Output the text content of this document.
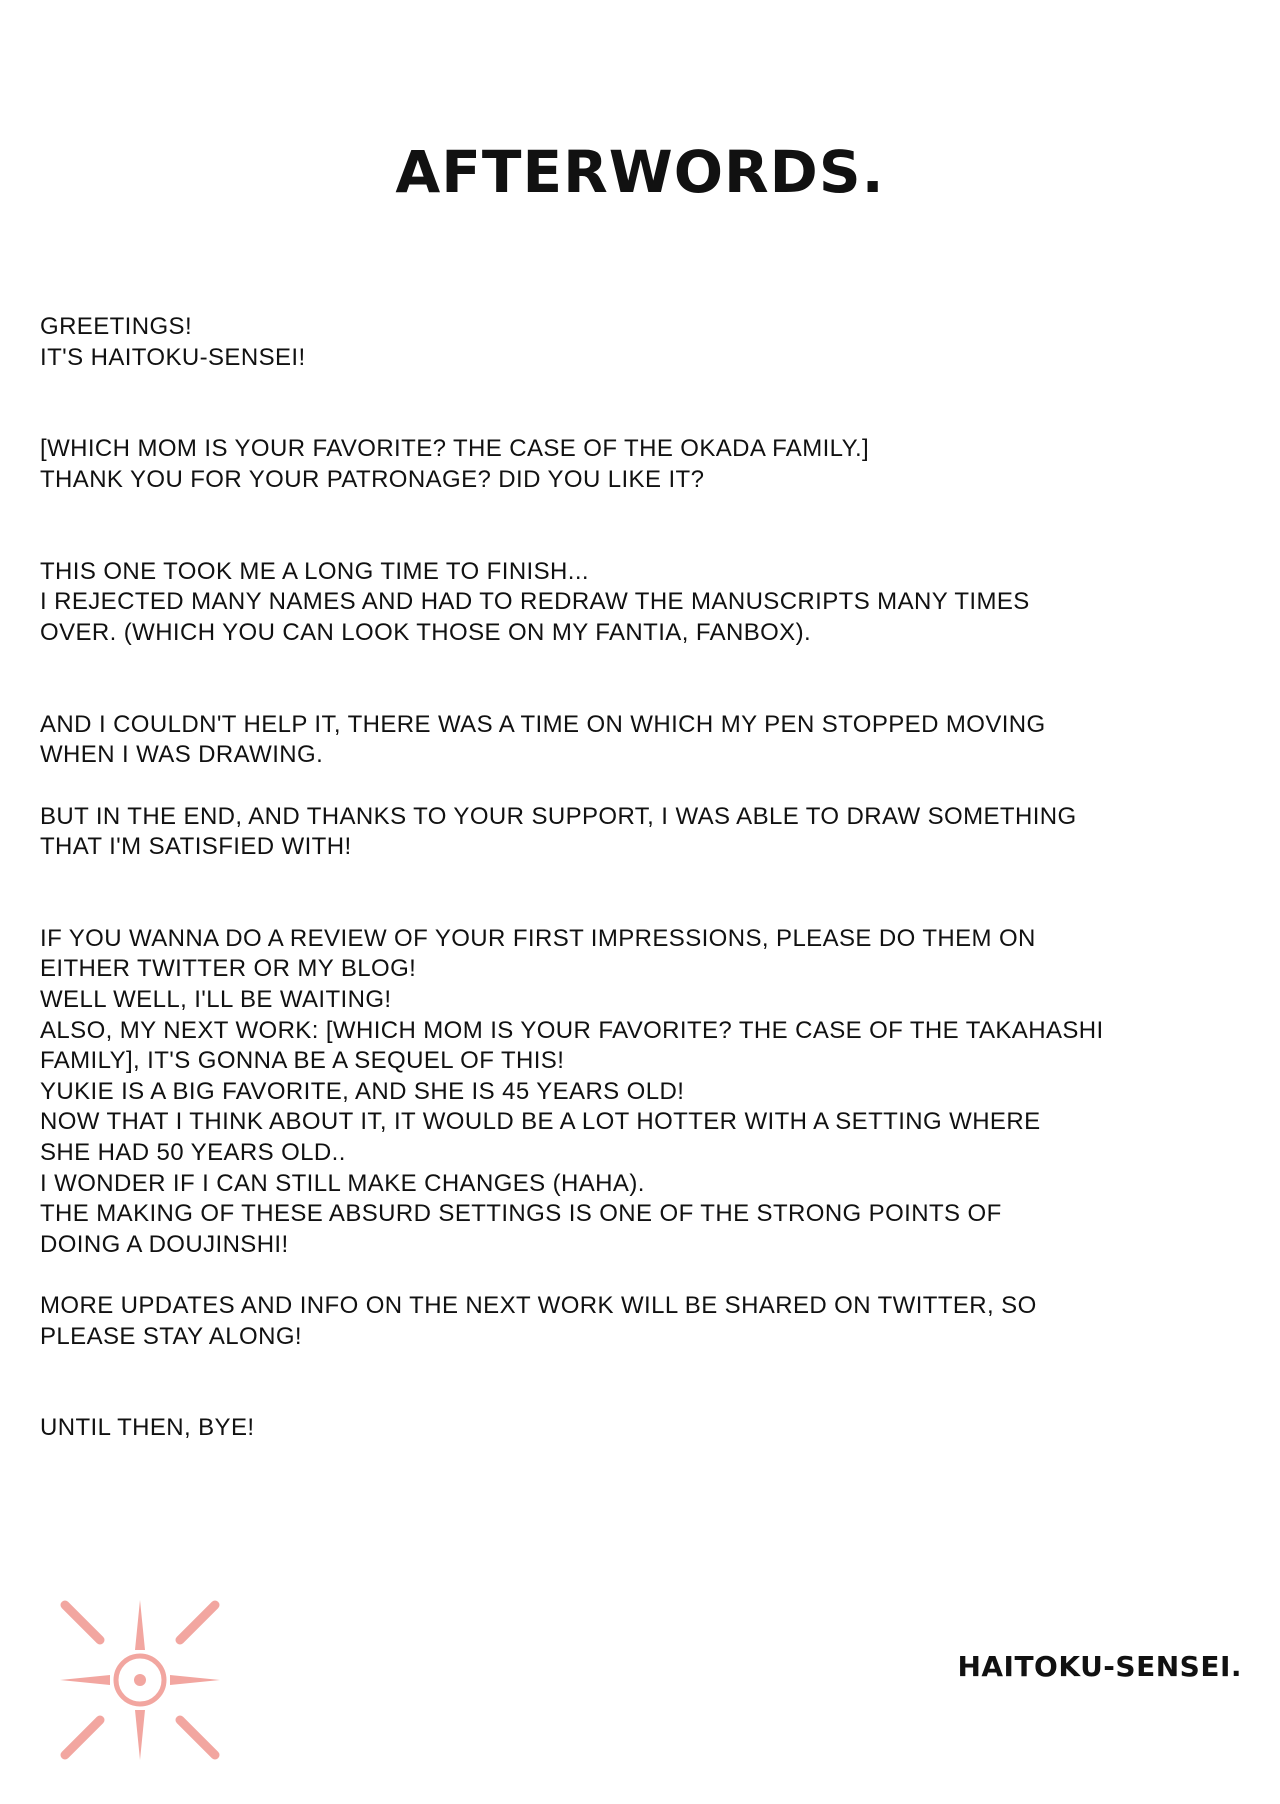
AFTERWORDS.
GREETINGS!
IT'S HAITOKU-SENSEI!
[WHICH MOM IS YOUR FAVORITE? THE CASE OF THE OKADA FAMILY.]
THANK YOU FOR YOUR PATRONAGE? DID YOU LIKE IT?
THIS ONE TOOK ME A LONG TIME TO FINISH...
I REJECTED MANY NAMES AND HAD TO REDRAW THE MANUSCRIPTS MANY TIMES
OVER. (WHICH YOU CAN LOOK THOSE ON MY FANTIA, FANBOX).
AND I COULDN'T HELP IT, THERE WAS A TIME ON WHICH MY PEN STOPPED MOVING
WHEN I WAS DRAWING.
BUT IN THE END, AND THANKS TO YOUR SUPPORT, I WAS ABLE TO DRAW SOMETHING
THAT I'M SATISFIED WITH!
IF YOU WANNA DO A REVIEW OF YOUR FIRST IMPRESSIONS, PLEASE DO THEM ON
EITHER TWITTER OR MY BLOG!
WELL WELL, I'LL BE WAITING!
ALSO, MY NEXT WORK: [WHICH MOM IS YOUR FAVORITE? THE CASE OF THE TAKAHASHI
FAMILY], IT'S GONNA BE A SEQUEL OF THIS!
YUKIE IS A BIG FAVORITE, AND SHE IS 45 YEARS OLD!
NOW THAT I THINK ABOUT IT, IT WOULD BE A LOT HOTTER WITH A SETTING WHERE
SHE HAD 50 YEARS OLD..
I WONDER IF I CAN STILL MAKE CHANGES (HAHA).
THE MAKING OF THESE ABSURD SETTINGS IS ONE OF THE STRONG POINTS OF
DOING A DOUJINSHI!
MORE UPDATES AND INFO ON THE NEXT WORK WILL BE SHARED ON TWITTER, SO
PLEASE STAY ALONG!
UNTIL THEN, BYE!

HAITOKU-SENSEI.
